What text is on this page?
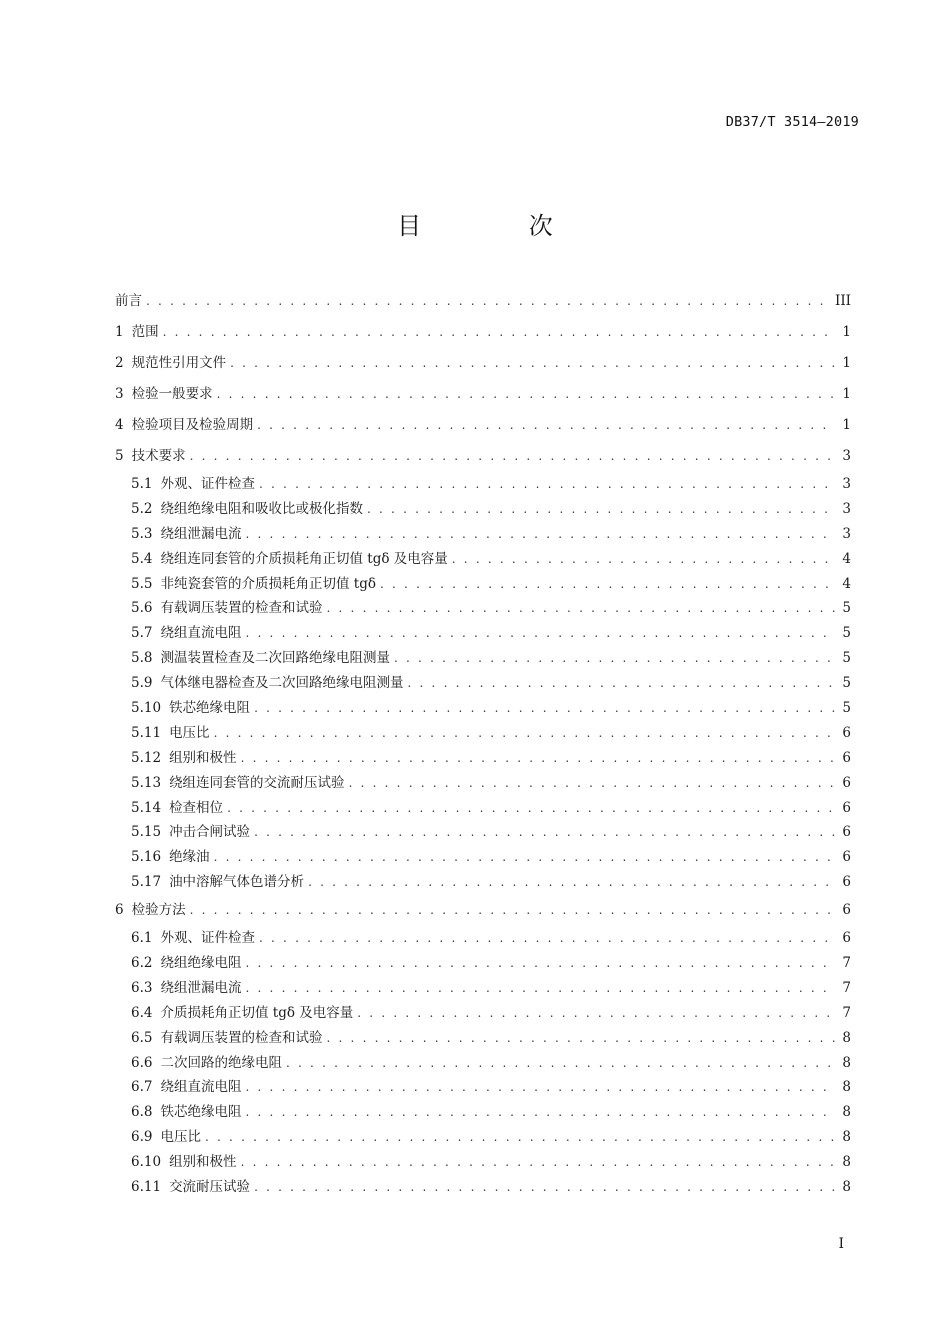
DB37/T 3514—2019
目 次
前言 . . .	III
1 范围 . . .	1
2 规范性引用文件 . . .	1
3 检验一般要求 . . .	1
4 检验项目及检验周期 . . .	1
5 技术要求 . . .	3
5.1 外观、证件检查 . . .	3
5.2 绕组绝缘电阻和吸收比或极化指数 . . .	3
5.3 绕组泄漏电流 . . .	3
5.4 绕组连同套管的介质损耗角正切值 tgδ 及电容量 . . .	4
5.5 非纯瓷套管的介质损耗角正切值 tgδ . . .	4
5.6 有载调压装置的检查和试验 . . .	5
5.7 绕组直流电阻 . . .	5
5.8 测温装置检查及二次回路绝缘电阻测量 . . .	5
5.9 气体继电器检查及二次回路绝缘电阻测量 . . .	5
5.10 铁芯绝缘电阻 . . .	5
5.11 电压比 . . .	6
5.12 组别和极性 . . .	6
5.13 绕组连同套管的交流耐压试验 . . .	6
5.14 检查相位 . . .	6
5.15 冲击合闸试验 . . .	6
5.16 绝缘油 . . .	6
5.17 油中溶解气体色谱分析 . . .	6
6 检验方法 . . .	6
6.1 外观、证件检查 . . .	6
6.2 绕组绝缘电阻 . . .	7
6.3 绕组泄漏电流 . . .	7
6.4 介质损耗角正切值 tgδ 及电容量 . . .	7
6.5 有载调压装置的检查和试验 . . .	8
6.6 二次回路的绝缘电阻 . . .	8
6.7 绕组直流电阻 . . .	8
6.8 铁芯绝缘电阻 . . .	8
6.9 电压比 . . .	8
6.10 组别和极性 . . .	8
6.11 交流耐压试验 . . .	8
I
